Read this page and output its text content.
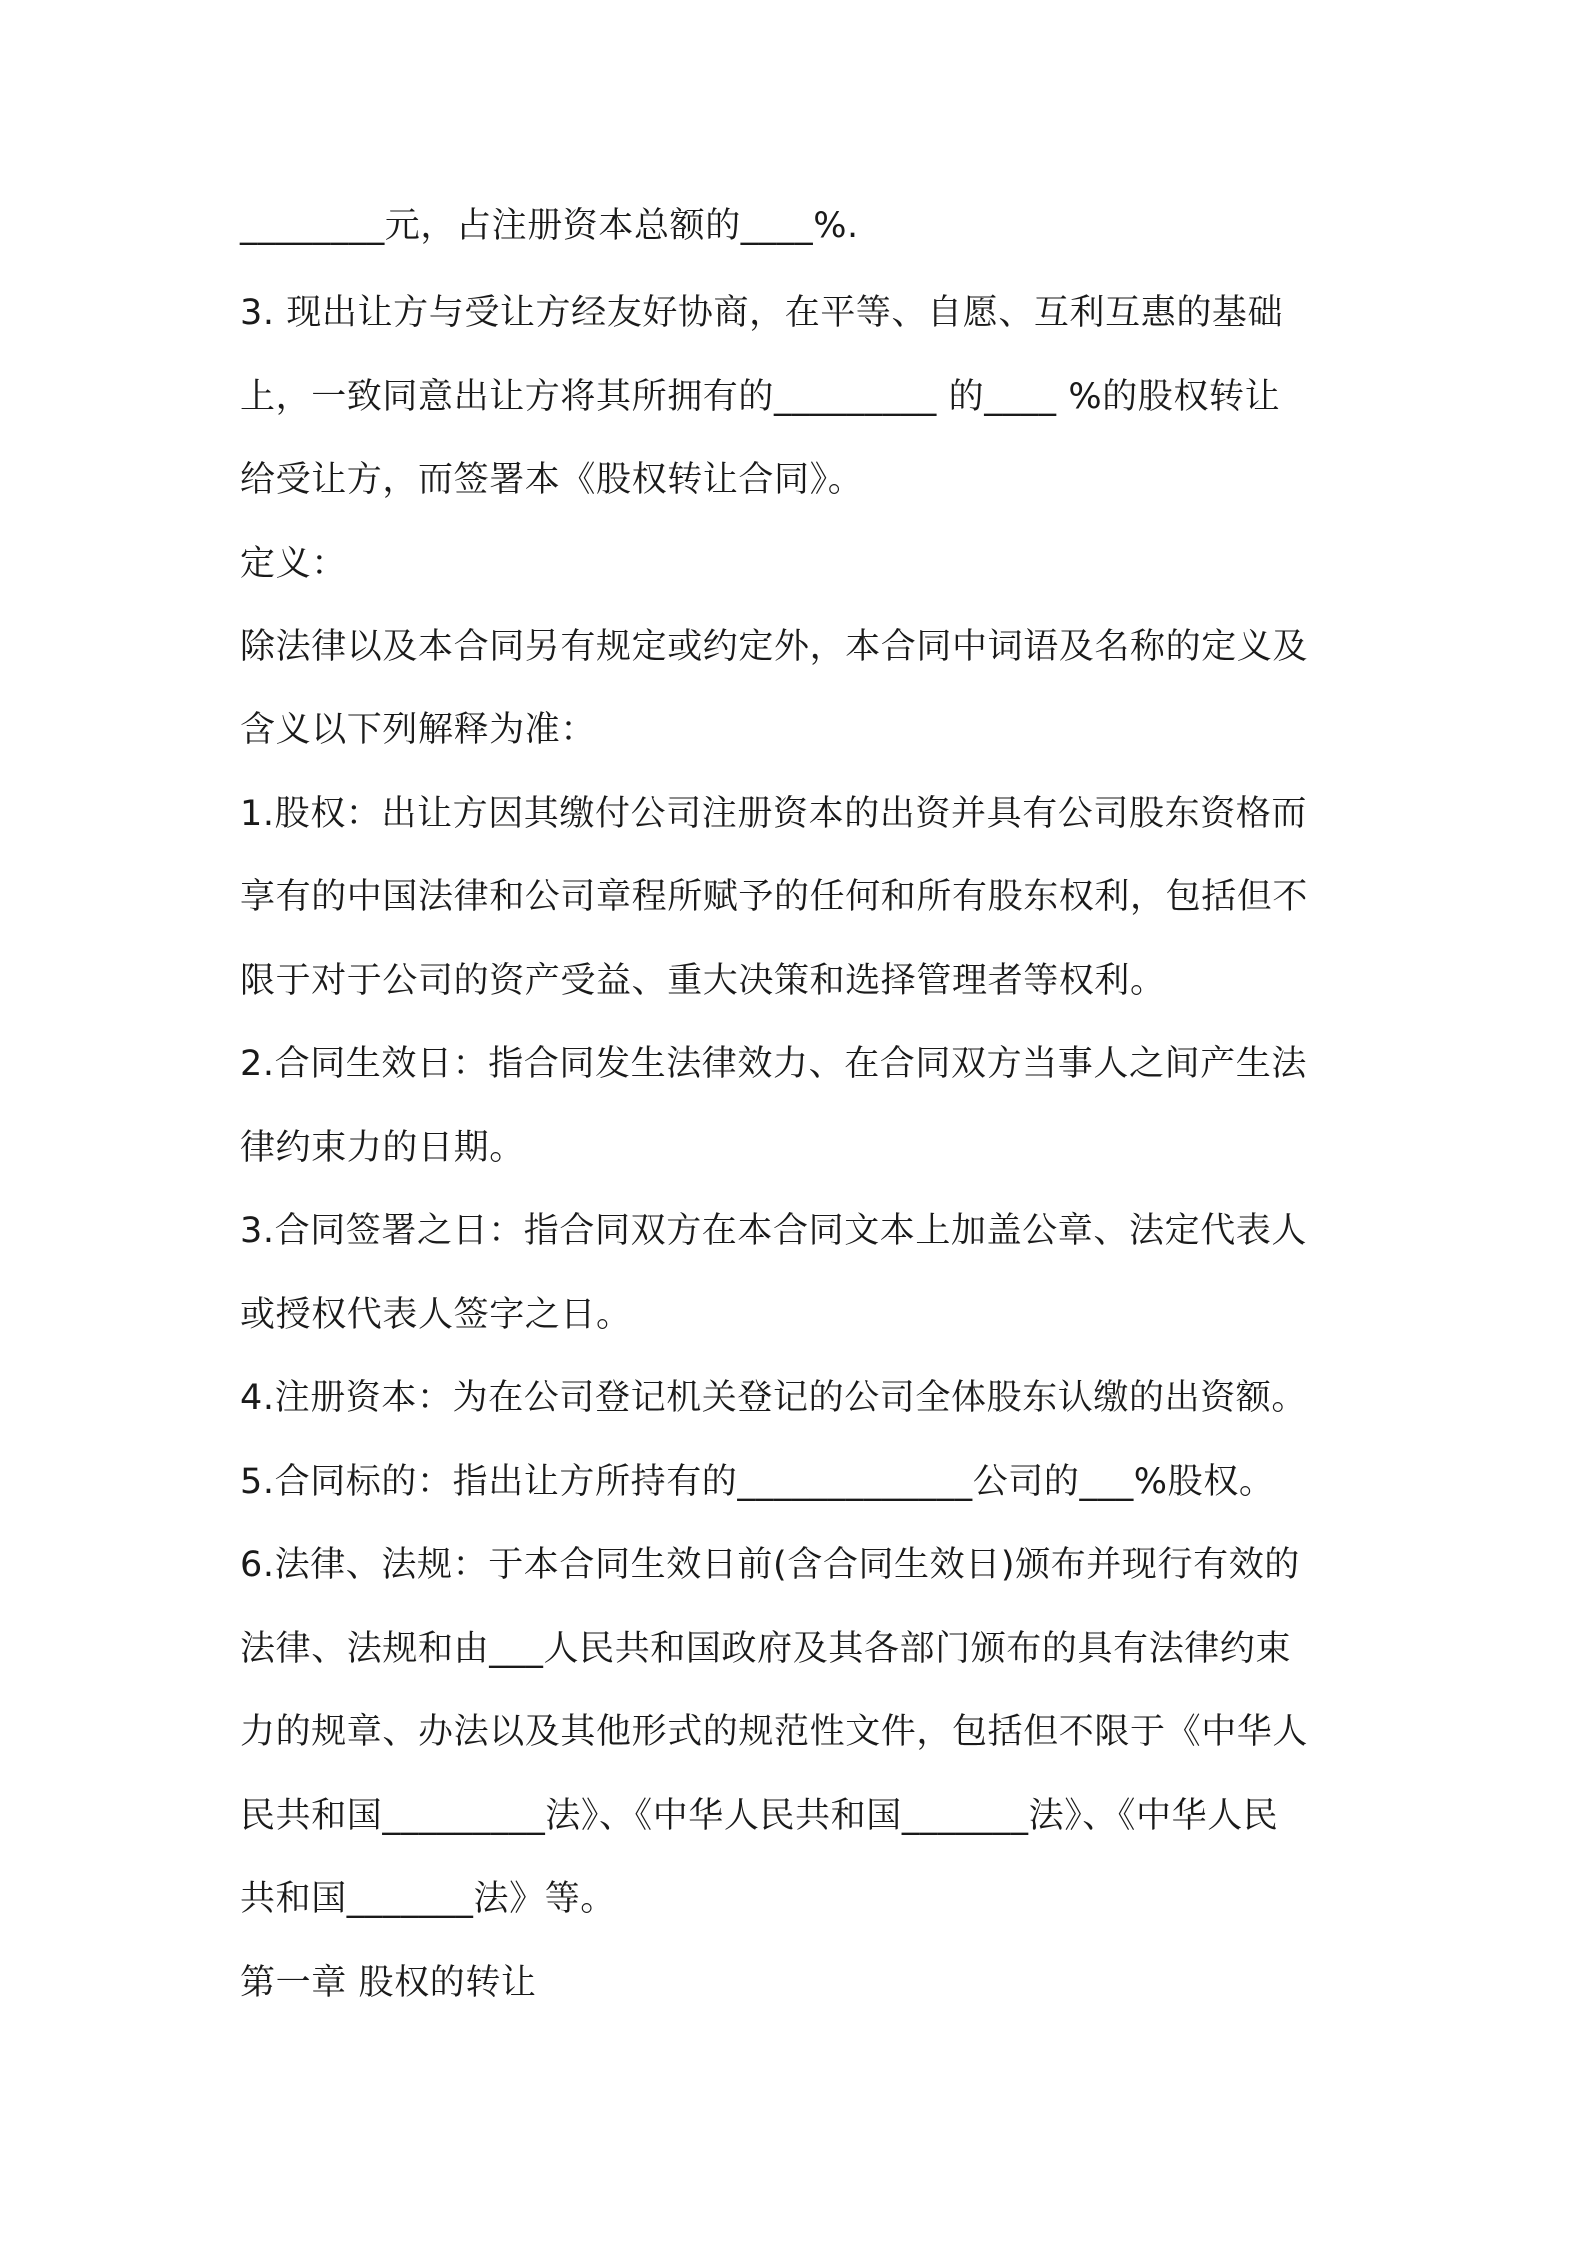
________元，占注册资本总额的____%.
3. 现出让方与受让方经友好协商，在平等、自愿、互利互惠的基础
上，一致同意出让方将其所拥有的_________ 的____ %的股权转让
给受让方，而签署本《股权转让合同》。
定义：
除法律以及本合同另有规定或约定外，本合同中词语及名称的定义及
含义以下列解释为准：
1.股权：出让方因其缴付公司注册资本的出资并具有公司股东资格而
享有的中国法律和公司章程所赋予的任何和所有股东权利，包括但不
限于对于公司的资产受益、重大决策和选择管理者等权利。
2.合同生效日：指合同发生法律效力、在合同双方当事人之间产生法
律约束力的日期。
3.合同签署之日：指合同双方在本合同文本上加盖公章、法定代表人
或授权代表人签字之日。
4.注册资本：为在公司登记机关登记的公司全体股东认缴的出资额。
5.合同标的：指出让方所持有的_____________公司的___%股权。
6.法律、法规：于本合同生效日前(含合同生效日)颁布并现行有效的
法律、法规和由___人民共和国政府及其各部门颁布的具有法律约束
力的规章、办法以及其他形式的规范性文件，包括但不限于《中华人
民共和国_________法》、《中华人民共和国_______法》、《中华人民
共和国_______法》等。
第一章 股权的转让
